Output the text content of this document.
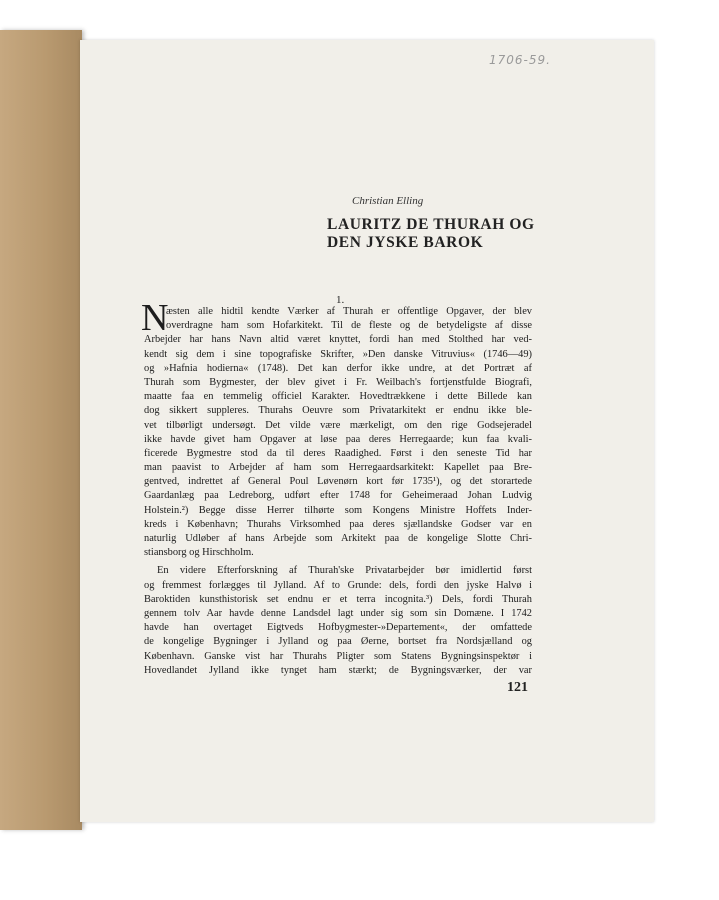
1706-59.
Christian Elling
LAURITZ DE THURAH OG
DEN JYSKE BAROK
1.
N
æsten alle hidtil kendte Værker af Thurah er offentlige Opgaver, der blev
overdragne ham som Hofarkitekt. Til de fleste og de betydeligste af disse
Arbejder har hans Navn altid været knyttet, fordi han med Stolthed har ved-
kendt sig dem i sine topografiske Skrifter, »Den danske Vitruvius« (1746—49)
og »Hafnia hodierna« (1748). Det kan derfor ikke undre, at det Portræt af
Thurah som Bygmester, der blev givet i Fr. Weilbach's fortjenstfulde Biografi,
maatte faa en temmelig officiel Karakter. Hovedtrækkene i dette Billede kan
dog sikkert suppleres. Thurahs Oeuvre som Privatarkitekt er endnu ikke ble-
vet tilbørligt undersøgt. Det vilde være mærkeligt, om den rige Godsejeradel
ikke havde givet ham Opgaver at løse paa deres Herregaarde; kun faa kvali-
ficerede Bygmestre stod da til deres Raadighed. Først i den seneste Tid har
man paavist to Arbejder af ham som Herregaardsarkitekt: Kapellet paa Bre-
gentved, indrettet af General Poul Løvenørn kort før 1735¹), og det storartede
Gaardanlæg paa Ledreborg, udført efter 1748 for Geheimeraad Johan Ludvig
Holstein.²) Begge disse Herrer tilhørte som Kongens Ministre Hoffets Inder-
kreds i København; Thurahs Virksomhed paa deres sjællandske Godser var en
naturlig Udløber af hans Arbejde som Arkitekt paa de kongelige Slotte Chri-
stiansborg og Hirschholm.
En videre Efterforskning af Thurah'ske Privatarbejder bør imidlertid først
og fremmest forlægges til Jylland. Af to Grunde: dels, fordi den jyske Halvø i
Baroktiden kunsthistorisk set endnu er et terra incognita.³) Dels, fordi Thurah
gennem tolv Aar havde denne Landsdel lagt under sig som sin Domæne. I 1742
havde han overtaget Eigtveds Hofbygmester-»Departement«, der omfattede
de kongelige Bygninger i Jylland og paa Øerne, bortset fra Nordsjælland og
København. Ganske vist har Thurahs Pligter som Statens Bygningsinspektør i
Hovedlandet Jylland ikke tynget ham stærkt; de Bygningsværker, der var
121
